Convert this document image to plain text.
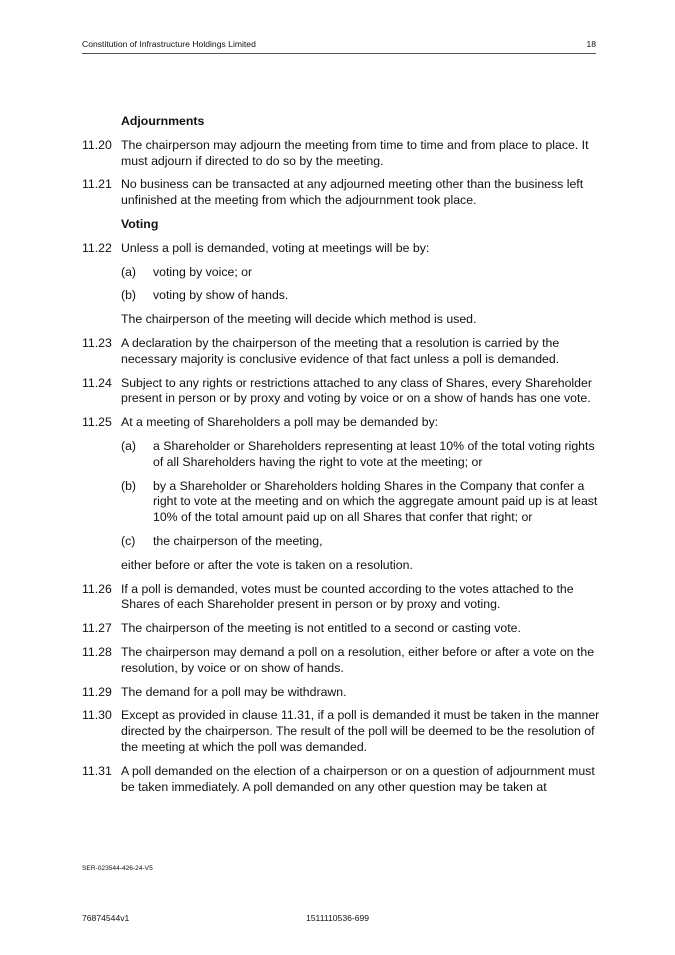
Constitution of Infrastructure Holdings Limited	18
Adjournments
11.20 The chairperson may adjourn the meeting from time to time and from place to place. It must adjourn if directed to do so by the meeting.
11.21 No business can be transacted at any adjourned meeting other than the business left unfinished at the meeting from which the adjournment took place.
Voting
11.22 Unless a poll is demanded, voting at meetings will be by:
(a)	voting by voice; or
(b)	voting by show of hands.
The chairperson of the meeting will decide which method is used.
11.23 A declaration by the chairperson of the meeting that a resolution is carried by the necessary majority is conclusive evidence of that fact unless a poll is demanded.
11.24 Subject to any rights or restrictions attached to any class of Shares, every Shareholder present in person or by proxy and voting by voice or on a show of hands has one vote.
11.25 At a meeting of Shareholders a poll may be demanded by:
(a)	a Shareholder or Shareholders representing at least 10% of the total voting rights of all Shareholders having the right to vote at the meeting; or
(b)	by a Shareholder or Shareholders holding Shares in the Company that confer a right to vote at the meeting and on which the aggregate amount paid up is at least 10% of the total amount paid up on all Shares that confer that right; or
(c)	the chairperson of the meeting,
either before or after the vote is taken on a resolution.
11.26 If a poll is demanded, votes must be counted according to the votes attached to the Shares of each Shareholder present in person or by proxy and voting.
11.27 The chairperson of the meeting is not entitled to a second or casting vote.
11.28 The chairperson may demand a poll on a resolution, either before or after a vote on the resolution, by voice or on show of hands.
11.29 The demand for a poll may be withdrawn.
11.30 Except as provided in clause 11.31, if a poll is demanded it must be taken in the manner directed by the chairperson. The result of the poll will be deemed to be the resolution of the meeting at which the poll was demanded.
11.31 A poll demanded on the election of a chairperson or on a question of adjournment must be taken immediately. A poll demanded on any other question may be taken at
SER-023544-426-24-V5
76874544v1	1511110536-699
